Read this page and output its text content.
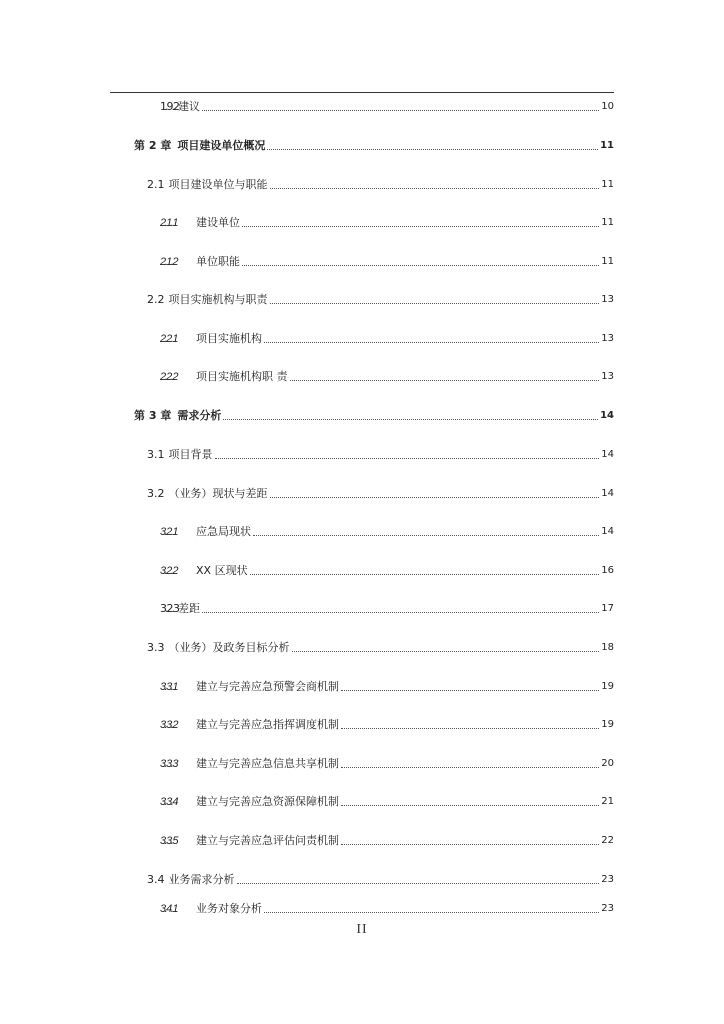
1.9.2 建议	10
第 2 章 项目建设单位概况	11
2.1 项目建设单位与职能	11
2.1.1	建设单位	11
2.1.2	单位职能	11
2.2 项目实施机构与职责	13
2.2.1	项目实施机构	13
2.2.2	项目实施机构职 责	13
第 3 章 需求分析	14
3.1 项目背景	14
3.2 （业务）现状与差距	14
3.2.1	应急局现状	14
3.2.2	XX 区现状	16
3.2.3 差距	17
3.3 （业务）及政务目标分析	18
3.3.1	建立与完善应急预警会商机制	19
3.3.2	建立与完善应急指挥调度机制	19
3.3.3	建立与完善应急信息共享机制	20
3.3.4	建立与完善应急资源保障机制	21
3.3.5	建立与完善应急评估问责机制	22
3.4 业务需求分析	23
3.4.1	业务对象分析	23
II
